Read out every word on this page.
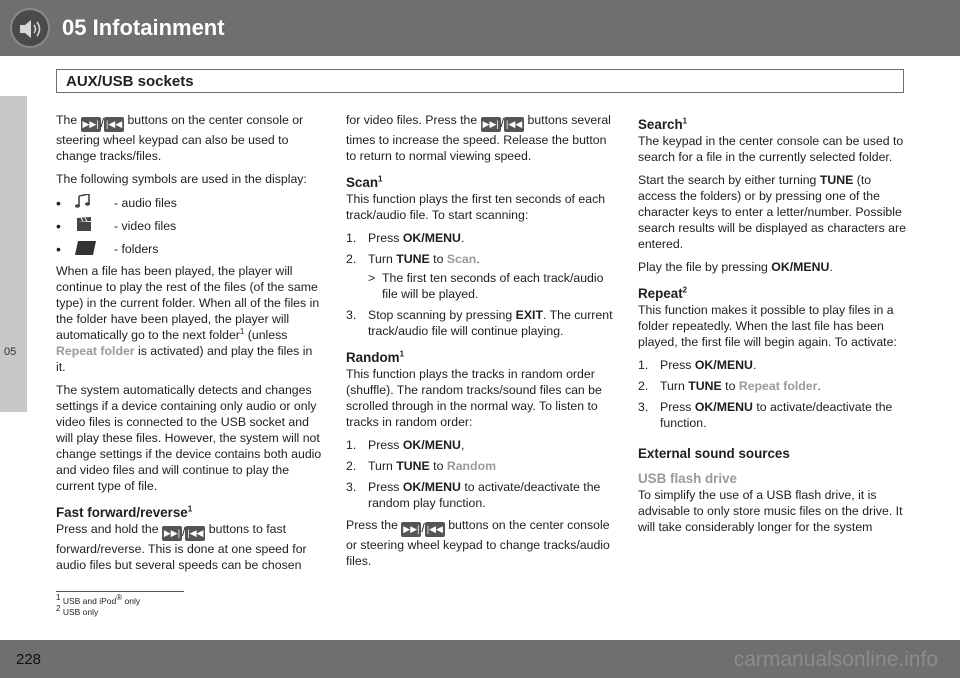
05 Infotainment
AUX/USB sockets
05

The ▶▶| / |◀◀ buttons on the center console or steering wheel keypad can also be used to change tracks/files.

The following symbols are used in the display:

•	- audio files
•	- video files
•	- folders

When a file has been played, the player will continue to play the rest of the files (of the same type) in the current folder. When all of the files in the folder have been played, the player will automatically go to the next folder$^1$ (unless Repeat folder is activated) and play the files in it.

The system automatically detects and changes settings if a device containing only audio or only video files is connected to the USB socket and will play these files. However, the system will not change settings if the device contains both audio and video files and will continue to play the current type of file.

Fast forward/reverse$^1$

Press and hold the ▶▶| / |◀◀ buttons to fast forward/reverse. This is done at one speed for audio files but several speeds can be chosen

for video files. Press the ▶▶| / |◀◀ buttons several times to increase the speed. Release the button to return to normal viewing speed.

Scan$^1$

This function plays the first ten seconds of each track/audio file. To start scanning:

1. Press OK/MENU.
2. Turn TUNE to Scan.
> The first ten seconds of each track/audio file will be played.
3. Stop scanning by pressing EXIT. The current track/audio file will continue playing.
Random$^1$

This function plays the tracks in random order (shuffle). The random tracks/sound files can be scrolled through in the normal way. To listen to tracks in random order:

1. Press OK/MENU,
2. Turn TUNE to Random
3. Press OK/MENU to activate/deactivate the random play function.

Press the ▶▶| / |◀◀ buttons on the center console or steering wheel keypad to change tracks/audio files.

Search$^1$

The keypad in the center console can be used to search for a file in the currently selected folder.

Start the search by either turning TUNE (to access the folders) or by pressing one of the character keys to enter a letter/number. Possible search results will be displayed as characters are entered.

Play the file by pressing OK/MENU.

Repeat$^2$

This function makes it possible to play files in a folder repeatedly. When the last file has been played, the first file will begin again. To activate:

1. Press OK/MENU.
2. Turn TUNE to Repeat folder.
3. Press OK/MENU to activate/deactivate the function.
External sound sources
USB flash drive

To simplify the use of a USB flash drive, it is advisable to only store music files on the drive. It will take considerably longer for the system

$^1$ USB and iPod® only
$^2$ USB only
228	carmanualsonline.info
